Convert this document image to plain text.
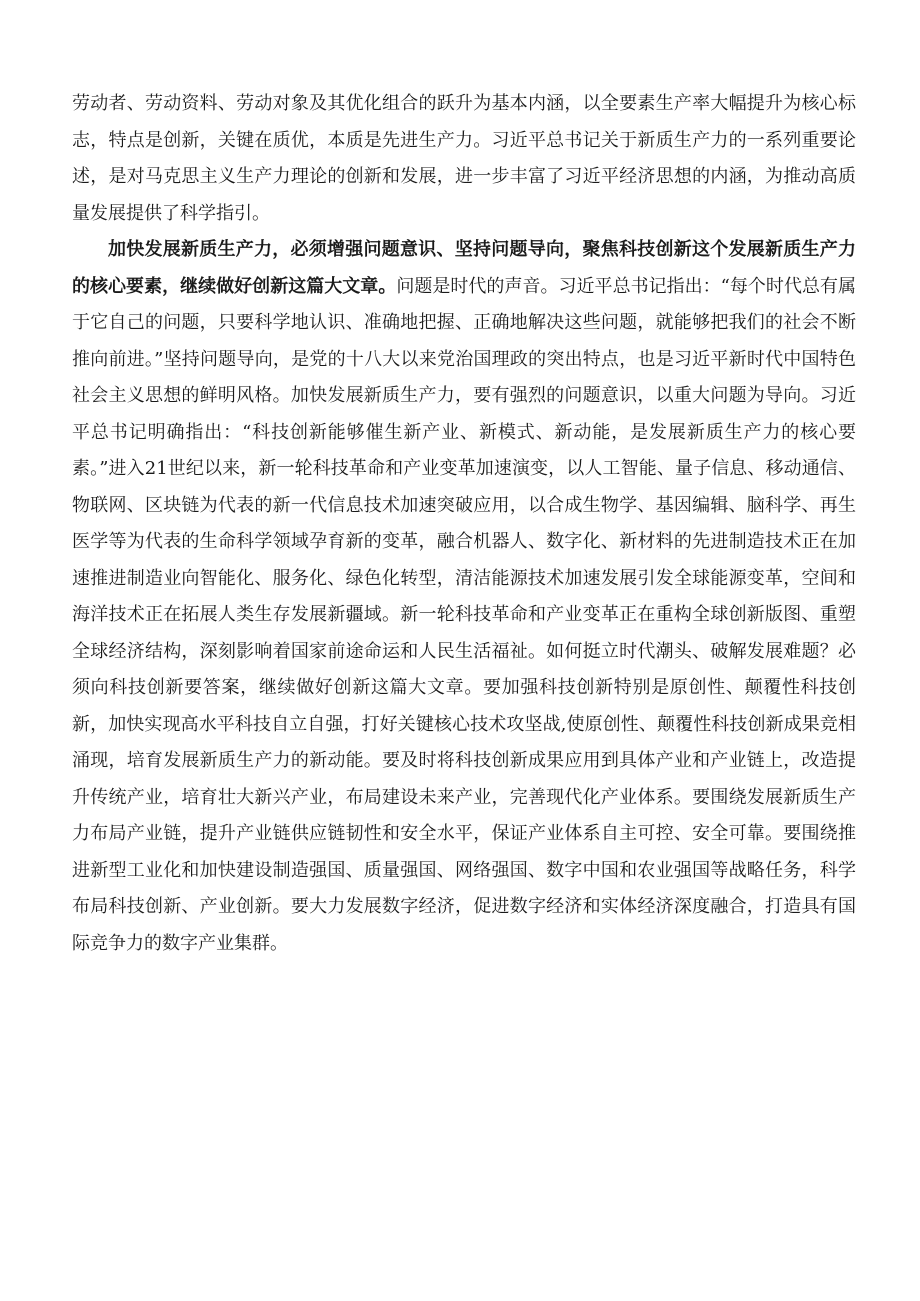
劳动者、劳动资料、劳动对象及其优化组合的跃升为基本内涵，以全要素生产率大幅提升为核心标志，特点是创新，关键在质优，本质是先进生产力。习近平总书记关于新质生产力的一系列重要论述，是对马克思主义生产力理论的创新和发展，进一步丰富了习近平经济思想的内涵，为推动高质量发展提供了科学指引。

加快发展新质生产力，必须增强问题意识、坚持问题导向，聚焦科技创新这个发展新质生产力的核心要素，继续做好创新这篇大文章。问题是时代的声音。习近平总书记指出：“每个时代总有属于它自己的问题，只要科学地认识、准确地把握、正确地解决这些问题，就能够把我们的社会不断推向前进。”坚持问题导向，是党的十八大以来党治国理政的突出特点，也是习近平新时代中国特色社会主义思想的鲜明风格。加快发展新质生产力，要有强烈的问题意识，以重大问题为导向。习近平总书记明确指出：“科技创新能够催生新产业、新模式、新动能，是发展新质生产力的核心要素。”进入21世纪以来，新一轮科技革命和产业变革加速演变，以人工智能、量子信息、移动通信、物联网、区块链为代表的新一代信息技术加速突破应用，以合成生物学、基因编辑、脑科学、再生医学等为代表的生命科学领域孕育新的变革，融合机器人、数字化、新材料的先进制造技术正在加速推进制造业向智能化、服务化、绿色化转型，清洁能源技术加速发展引发全球能源变革，空间和海洋技术正在拓展人类生存发展新疆域。新一轮科技革命和产业变革正在重构全球创新版图、重塑全球经济结构，深刻影响着国家前途命运和人民生活福祉。如何挺立时代潮头、破解发展难题？必须向科技创新要答案，继续做好创新这篇大文章。要加强科技创新特别是原创性、颠覆性科技创新，加快实现高水平科技自立自强，打好关键核心技术攻坚战,使原创性、颠覆性科技创新成果竞相涌现，培育发展新质生产力的新动能。要及时将科技创新成果应用到具体产业和产业链上，改造提升传统产业，培育壮大新兴产业，布局建设未来产业，完善现代化产业体系。要围绕发展新质生产力布局产业链，提升产业链供应链韧性和安全水平，保证产业体系自主可控、安全可靠。要围绕推进新型工业化和加快建设制造强国、质量强国、网络强国、数字中国和农业强国等战略任务，科学布局科技创新、产业创新。要大力发展数字经济，促进数字经济和实体经济深度融合，打造具有国际竞争力的数字产业集群。
